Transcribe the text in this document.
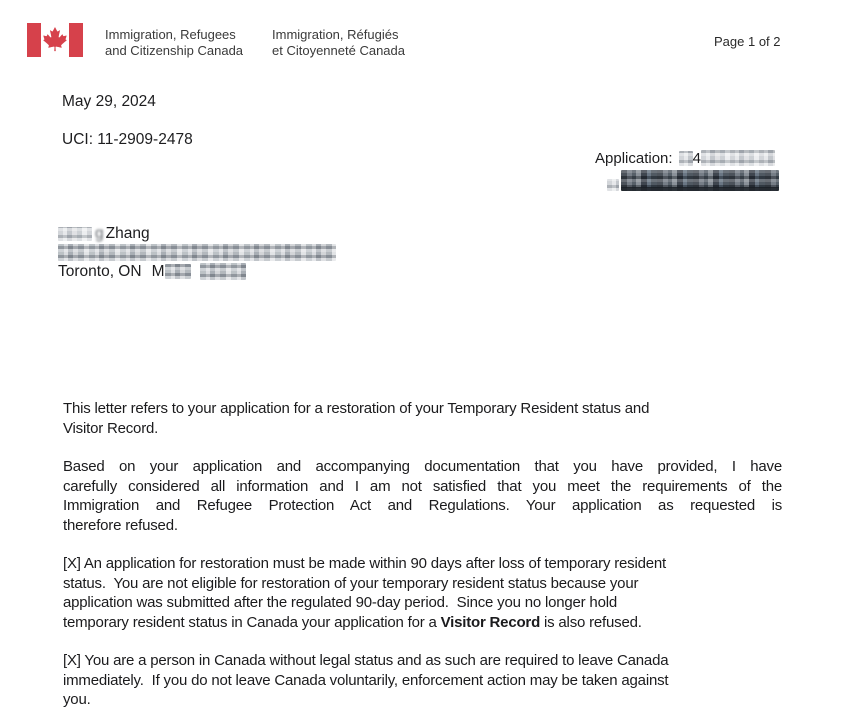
Immigration, Refugees
and Citizenship Canada
Immigration, Réfugiés
et Citoyenneté Canada
Page 1 of 2
May 29, 2024
UCI: 11-2909-2478
Application: 4
g Zhang
Toronto, ON M

This letter refers to your application for a restoration of your Temporary Resident status and
Visitor Record.

Based on your application and accompanying documentation that you have provided, I have
carefully considered all information and I am not satisfied that you meet the requirements of the
Immigration and Refugee Protection Act and Regulations. Your application as requested is
therefore refused.

[X] An application for restoration must be made within 90 days after loss of temporary resident
status.  You are not eligible for restoration of your temporary resident status because your
application was submitted after the regulated 90-day period.  Since you no longer hold
temporary resident status in Canada your application for a Visitor Record is also refused.

[X] You are a person in Canada without legal status and as such are required to leave Canada
immediately.  If you do not leave Canada voluntarily, enforcement action may be taken against
you.
